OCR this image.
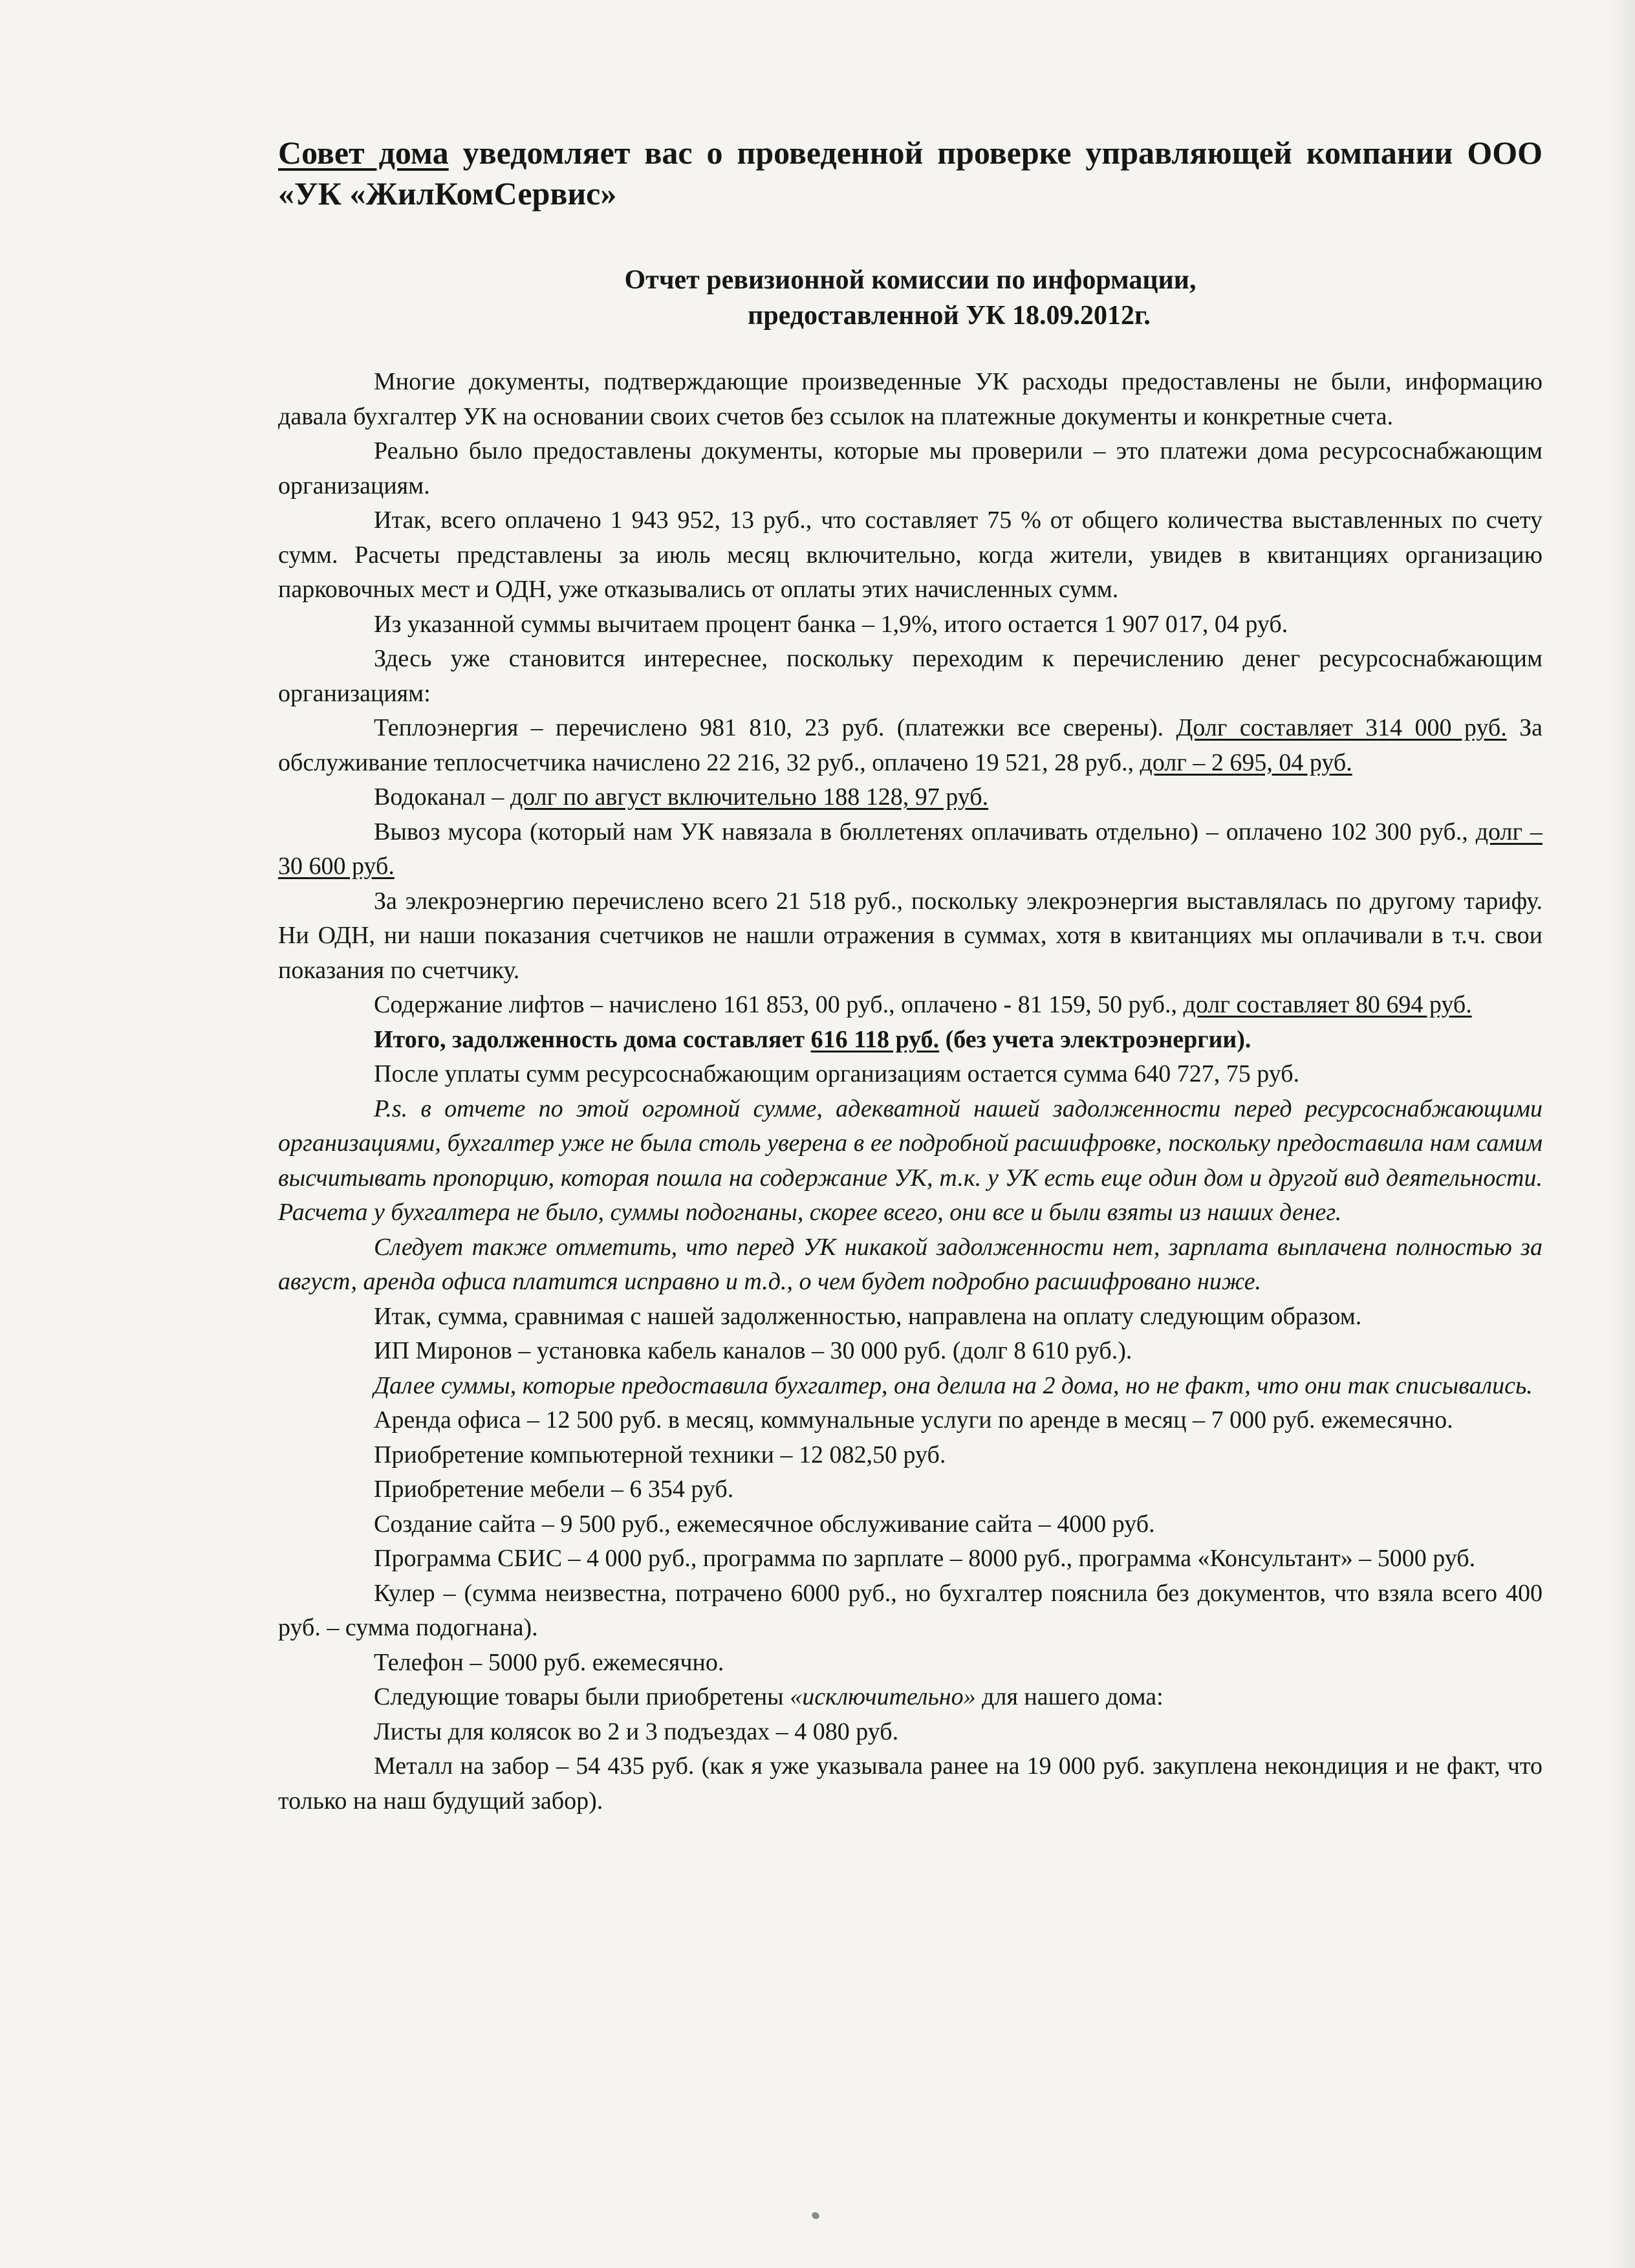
Совет дома уведомляет вас о проведенной проверке управляющей компании ООО «УК «ЖилКомСервис»

Отчет ревизионной комиссии по информации,
предоставленной УК 18.09.2012г.

Многие документы, подтверждающие произведенные УК расходы предоставлены не были, информацию давала бухгалтер УК на основании своих счетов без ссылок на платежные документы и конкретные счета.

Реально было предоставлены документы, которые мы проверили – это платежи дома ресурсоснабжающим организациям.

Итак, всего оплачено 1 943 952, 13 руб., что составляет 75 % от общего количества выставленных по счету сумм. Расчеты представлены за июль месяц включительно, когда жители, увидев в квитанциях организацию парковочных мест и ОДН, уже отказывались от оплаты этих начисленных сумм.

Из указанной суммы вычитаем процент банка – 1,9%, итого остается 1 907 017, 04 руб.

Здесь уже становится интереснее, поскольку переходим к перечислению денег ресурсоснабжающим организациям:

Теплоэнергия – перечислено 981 810, 23 руб. (платежки все сверены). Долг составляет 314 000 руб. За обслуживание теплосчетчика начислено 22 216, 32 руб., оплачено 19 521, 28 руб., долг – 2 695, 04 руб.

Водоканал – долг по август включительно 188 128, 97 руб.

Вывоз мусора (который нам УК навязала в бюллетенях оплачивать отдельно) – оплачено 102 300 руб., долг – 30 600 руб.

За элекроэнергию перечислено всего 21 518 руб., поскольку элекроэнергия выставлялась по другому тарифу. Ни ОДН, ни наши показания счетчиков не нашли отражения в суммах, хотя в квитанциях мы оплачивали в т.ч. свои показания по счетчику.

Содержание лифтов – начислено 161 853, 00 руб., оплачено - 81 159, 50 руб., долг составляет 80 694 руб.

Итого, задолженность дома составляет 616 118 руб. (без учета электроэнергии).

После уплаты сумм ресурсоснабжающим организациям остается сумма 640 727, 75 руб.

P.s. в отчете по этой огромной сумме, адекватной нашей задолженности перед ресурсоснабжающими организациями, бухгалтер уже не была столь уверена в ее подробной расшифровке, поскольку предоставила нам самим высчитывать пропорцию, которая пошла на содержание УК, т.к. у УК есть еще один дом и другой вид деятельности. Расчета у бухгалтера не было, суммы подогнаны, скорее всего, они все и были взяты из наших денег.

Следует также отметить, что перед УК никакой задолженности нет, зарплата выплачена полностью за август, аренда офиса платится исправно и т.д., о чем будет подробно расшифровано ниже.

Итак, сумма, сравнимая с нашей задолженностью, направлена на оплату следующим образом.

ИП Миронов – установка кабель каналов – 30 000 руб. (долг 8 610 руб.).

Далее суммы, которые предоставила бухгалтер, она делила на 2 дома, но не факт, что они так списывались.

Аренда офиса – 12 500 руб. в месяц, коммунальные услуги по аренде в месяц – 7 000 руб. ежемесячно.

Приобретение компьютерной техники – 12 082,50 руб.

Приобретение мебели – 6 354 руб.

Создание сайта – 9 500 руб., ежемесячное обслуживание сайта – 4000 руб.

Программа СБИС – 4 000 руб., программа по зарплате – 8000 руб., программа «Консультант» – 5000 руб.

Кулер – (сумма неизвестна, потрачено 6000 руб., но бухгалтер пояснила без документов, что взяла всего 400 руб. – сумма подогнана).

Телефон – 5000 руб. ежемесячно.

Следующие товары были приобретены «исключительно» для нашего дома:

Листы для колясок во 2 и 3 подъездах – 4 080 руб.

Металл на забор – 54 435 руб. (как я уже указывала ранее на 19 000 руб. закуплена некондиция и не факт, что только на наш будущий забор).
